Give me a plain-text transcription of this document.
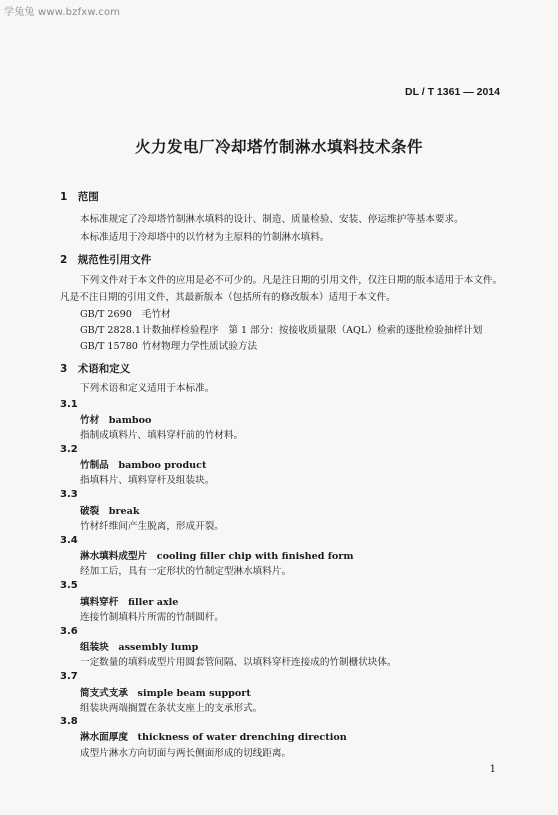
学兔兔 www.bzfxw.com
DL / T 1361 — 2014
火力发电厂冷却塔竹制淋水填料技术条件
1　范围
本标准规定了冷却塔竹制淋水填料的设计、制造、质量检验、安装、停运维护等基本要求。
本标准适用于冷却塔中的以竹材为主原料的竹制淋水填料。
2　规范性引用文件
下列文件对于本文件的应用是必不可少的。凡是注日期的引用文件，仅注日期的版本适用于本文件。
凡是不注日期的引用文件，其最新版本（包括所有的修改版本）适用于本文件。
GB/T 2690 毛竹材
GB/T 2828.1计数抽样检验程序　第 1 部分：按接收质量限（AQL）检索的逐批检验抽样计划
GB/T 15780 竹材物理力学性质试验方法
3　术语和定义
下列术语和定义适用于本标准。
3.1
竹材　bamboo
指制成填料片、填料穿杆前的竹材料。
3.2
竹制品　bamboo product
指填料片、填料穿杆及组装块。
3.3
破裂　break
竹材纤维间产生脱离，形成开裂。
3.4
淋水填料成型片　cooling filler chip with finished form
经加工后，具有一定形状的竹制定型淋水填料片。
3.5
填料穿杆　filler axle
连接竹制填料片所需的竹制圆杆。
3.6
组装块　assembly lump
一定数量的填料成型片用圆套管间隔、以填料穿杆连接成的竹制栅状块体。
3.7
简支式支承　simple beam support
组装块两端搁置在条状支座上的支承形式。
3.8
淋水面厚度　thickness of water drenching direction
成型片淋水方向切面与两长侧面形成的切线距离。
1
